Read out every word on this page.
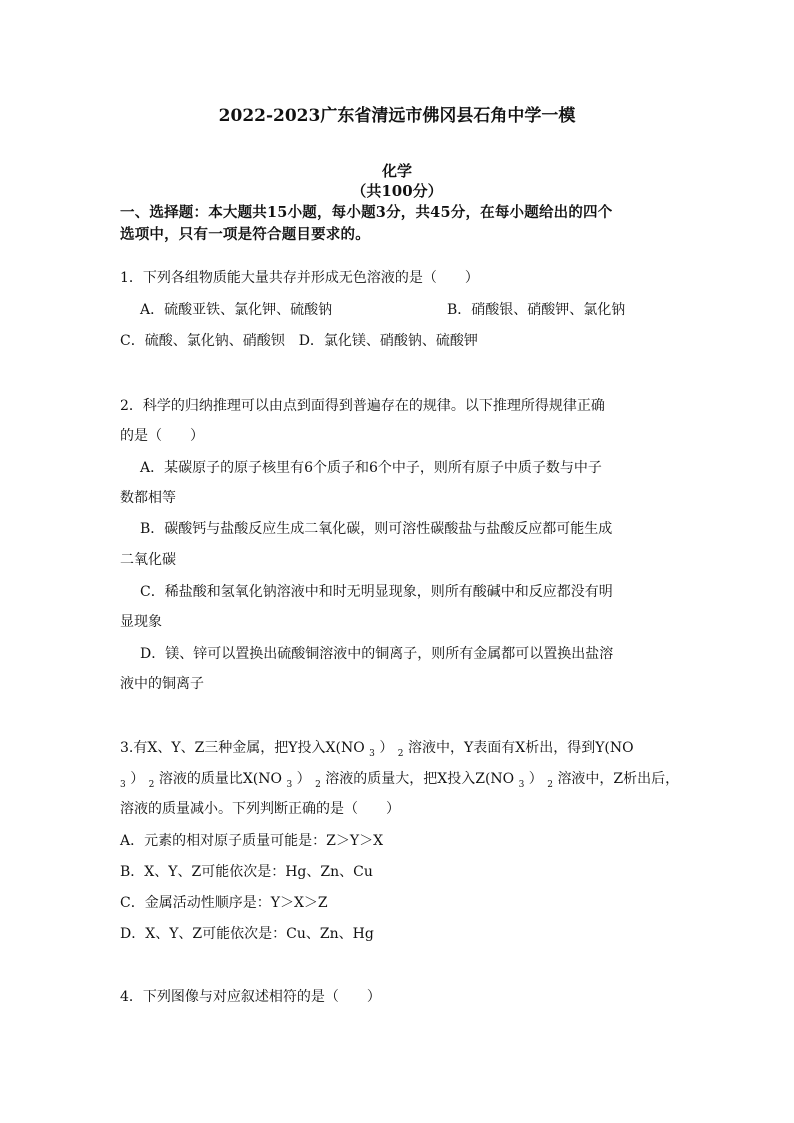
2022-2023广东省清远市佛冈县石角中学一模
化学
（共100分）
一、选择题：本大题共15小题，每小题3分，共45分，在每小题给出的四个
选项中，只有一项是符合题目要求的。
1．下列各组物质能大量共存并形成无色溶液的是（　　）
A．硫酸亚铁、氯化钾、硫酸钠	B．硝酸银、硝酸钾、氯化钠
C．硫酸、氯化钠、硝酸钡　D．氯化镁、硝酸钠、硫酸钾
2．科学的归纳推理可以由点到面得到普遍存在的规律。以下推理所得规律正确
的是（　　）
A．某碳原子的原子核里有6个质子和6个中子，则所有原子中质子数与中子
数都相等
B．碳酸钙与盐酸反应生成二氧化碳，则可溶性碳酸盐与盐酸反应都可能生成
二氧化碳
C．稀盐酸和氢氧化钠溶液中和时无明显现象，则所有酸碱中和反应都没有明
显现象
D．镁、锌可以置换出硫酸铜溶液中的铜离子，则所有金属都可以置换出盐溶
液中的铜离子
3.有X、Y、Z三种金属，把Y投入X(NO $_3$ ） $_2$ 溶液中，Y表面有X析出，得到Y(NO
$_3$ ） $_2$ 溶液的质量比X(NO $_3$ ） $_2$ 溶液的质量大，把X投入Z(NO $_3$ ） $_2$ 溶液中，Z析出后，
溶液的质量减小。下列判断正确的是（　　）
A．元素的相对原子质量可能是：Z＞Y＞X
B．X、Y、Z可能依次是：Hg、Zn、Cu
C．金属活动性顺序是：Y＞X＞Z
D．X、Y、Z可能依次是：Cu、Zn、Hg
4．下列图像与对应叙述相符的是（　　）
